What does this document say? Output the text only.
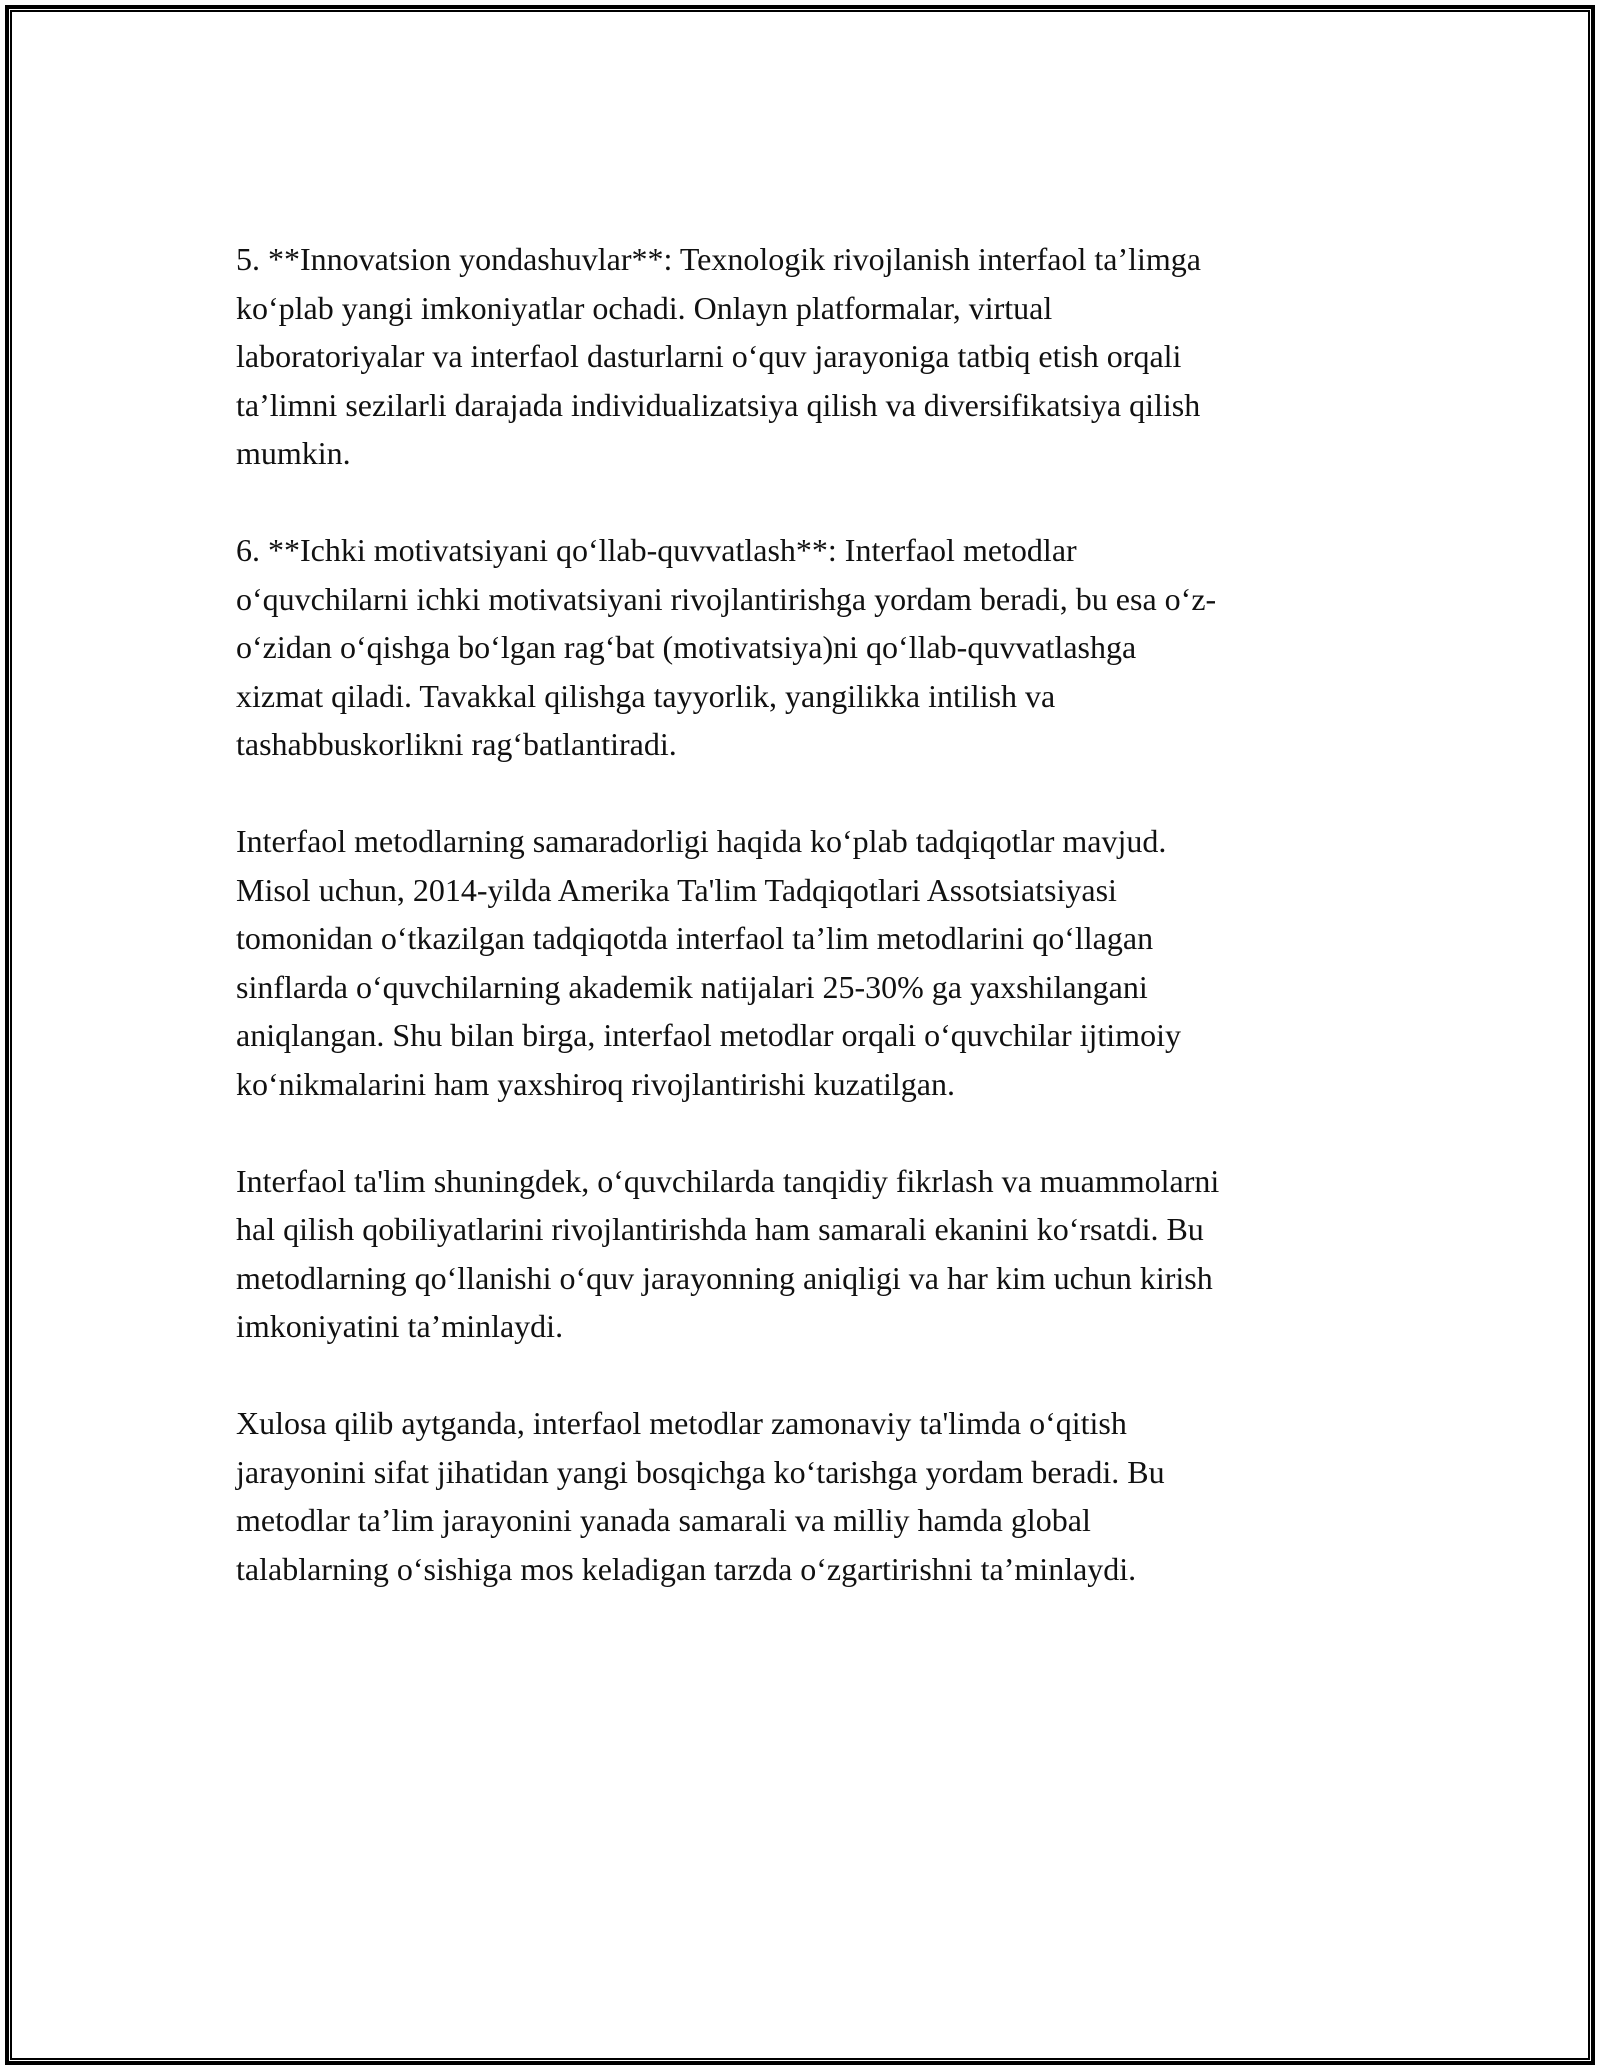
5. **Innovatsion yondashuvlar**: Texnologik rivojlanish interfaol ta’limga
koʻplab yangi imkoniyatlar ochadi. Onlayn platformalar, virtual
laboratoriyalar va interfaol dasturlarni oʻquv jarayoniga tatbiq etish orqali
ta’limni sezilarli darajada individualizatsiya qilish va diversifikatsiya qilish
mumkin.

6. **Ichki motivatsiyani qoʻllab-quvvatlash**: Interfaol metodlar
oʻquvchilarni ichki motivatsiyani rivojlantirishga yordam beradi, bu esa oʻz-
oʻzidan oʻqishga boʻlgan ragʻbat (motivatsiya)ni qoʻllab-quvvatlashga
xizmat qiladi. Tavakkal qilishga tayyorlik, yangilikka intilish va
tashabbuskorlikni ragʻbatlantiradi.

Interfaol metodlarning samaradorligi haqida koʻplab tadqiqotlar mavjud.
Misol uchun, 2014-yilda Amerika Ta'lim Tadqiqotlari Assotsiatsiyasi
tomonidan oʻtkazilgan tadqiqotda interfaol ta’lim metodlarini qoʻllagan
sinflarda oʻquvchilarning akademik natijalari 25-30% ga yaxshilangani
aniqlangan. Shu bilan birga, interfaol metodlar orqali oʻquvchilar ijtimoiy
koʻnikmalarini ham yaxshiroq rivojlantirishi kuzatilgan.

Interfaol ta'lim shuningdek, oʻquvchilarda tanqidiy fikrlash va muammolarni
hal qilish qobiliyatlarini rivojlantirishda ham samarali ekanini koʻrsatdi. Bu
metodlarning qoʻllanishi oʻquv jarayonning aniqligi va har kim uchun kirish
imkoniyatini ta’minlaydi.

Xulosa qilib aytganda, interfaol metodlar zamonaviy ta'limda oʻqitish
jarayonini sifat jihatidan yangi bosqichga koʻtarishga yordam beradi. Bu
metodlar ta’lim jarayonini yanada samarali va milliy hamda global
talablarning oʻsishiga mos keladigan tarzda oʻzgartirishni ta’minlaydi.
